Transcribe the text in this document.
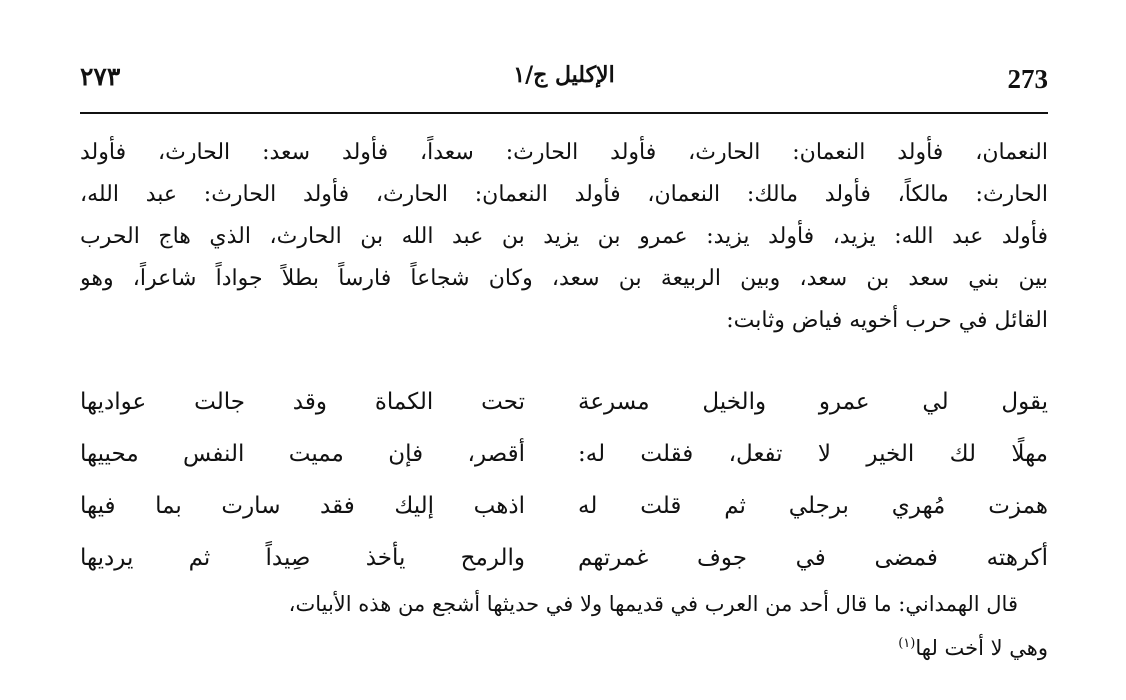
273
الإكليل ج/١
٢٧٣
النعمان، فأولد النعمان: الحارث، فأولد الحارث: سعداً، فأولد سعد: الحارث، فأولد
الحارث: مالكاً، فأولد مالك: النعمان، فأولد النعمان: الحارث، فأولد الحارث: عبد الله،
فأولد عبد الله: يزيد، فأولد يزيد: عمرو بن يزيد بن عبد الله بن الحارث، الذي هاج الحرب
بين بني سعد بن سعد، وبين الربيعة بن سعد، وكان شجاعاً فارساً بطلاً جواداً شاعراً، وهو
القائل في حرب أخويه فياض وثابت:
يقول لي عمرو والخيل مسرعة
تحت الكماة وقد جالت عواديها
مهلًا لك الخير لا تفعل، فقلت له:
أقصر، فإن مميت النفس محييها
همزت مُهري برجلي ثم قلت له
اذهب إليك فقد سارت بما فيها
أكرهته فمضى في جوف غمرتهم
والرمح يأخذ صِيداً ثم يرديها
قال الهمداني: ما قال أحد من العرب في قديمها ولا في حديثها أشجع من هذه الأبيات،
وهي لا أخت لها$^{(١)}$
